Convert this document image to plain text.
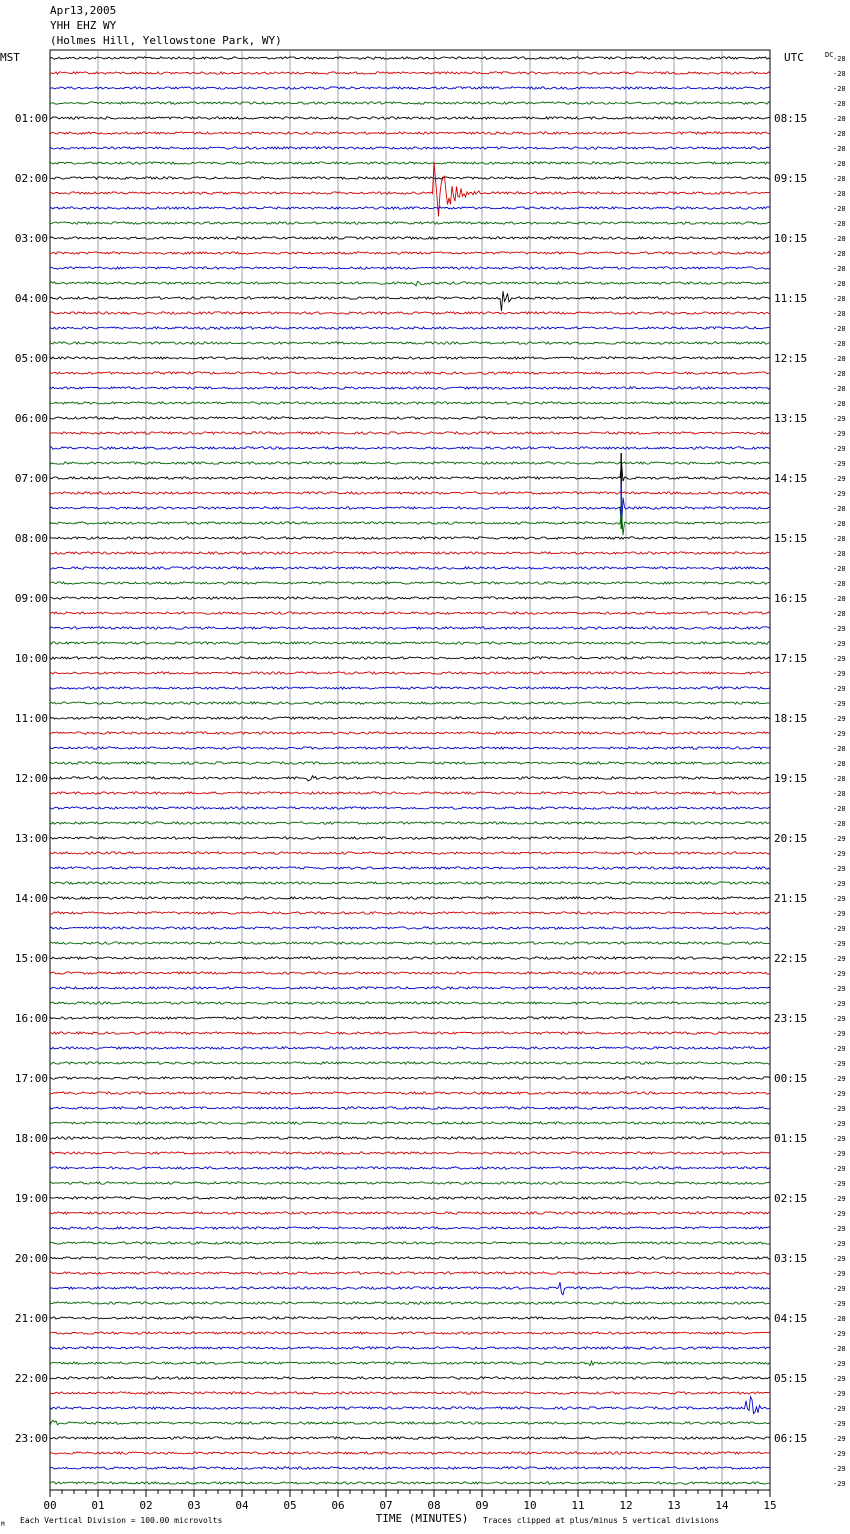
Apr13,2005
YHH EHZ WY
(Holmes Hill, Yellowstone Park, WY)
-28
-28
-28
-28
-28
-28
-28
-28
-28
-28
-28
-28
-28
-28
-28
-28
-28
-28
-28
-28
-28
-28
-28
-28
-29
-29
-29
-29
-29
-29
-28
-28
-28
-28
-28
-28
-28
-28
-29
-29
-29
-29
-29
-29
-29
-29
-28
-28
-28
-28
-28
-28
-29
-29
-29
-29
-29
-29
-29
-29
-29
-29
-29
-29
-29
-29
-29
-29
-29
-29
-29
-29
-29
-29
-29
-29
-29
-29
-29
-29
-29
-29
-29
-29
-28
-29
-28
-29
-29
-29
-29
-29
-29
-29
-29
-29
MST	UTC	DC
01:00
02:00
03:00
04:00
05:00
06:00
07:00
08:00
09:00
10:00
11:00
12:00
13:00
14:00
15:00
16:00
17:00
18:00
19:00
20:00
21:00
22:00
23:00
08:15
09:15
10:15
11:15
12:15
13:15
14:15
15:15
16:15
17:15
18:15
19:15
20:15
21:15
22:15
23:15
00:15
01:15
02:15
03:15
04:15
05:15
06:15
00	01	02	03	04	05	06	07	08	09	10	11	12	13	14	15
TIME (MINUTES)
M Each Vertical Division = 100.00 microvolts	Traces clipped at plus/minus 5 vertical divisions
